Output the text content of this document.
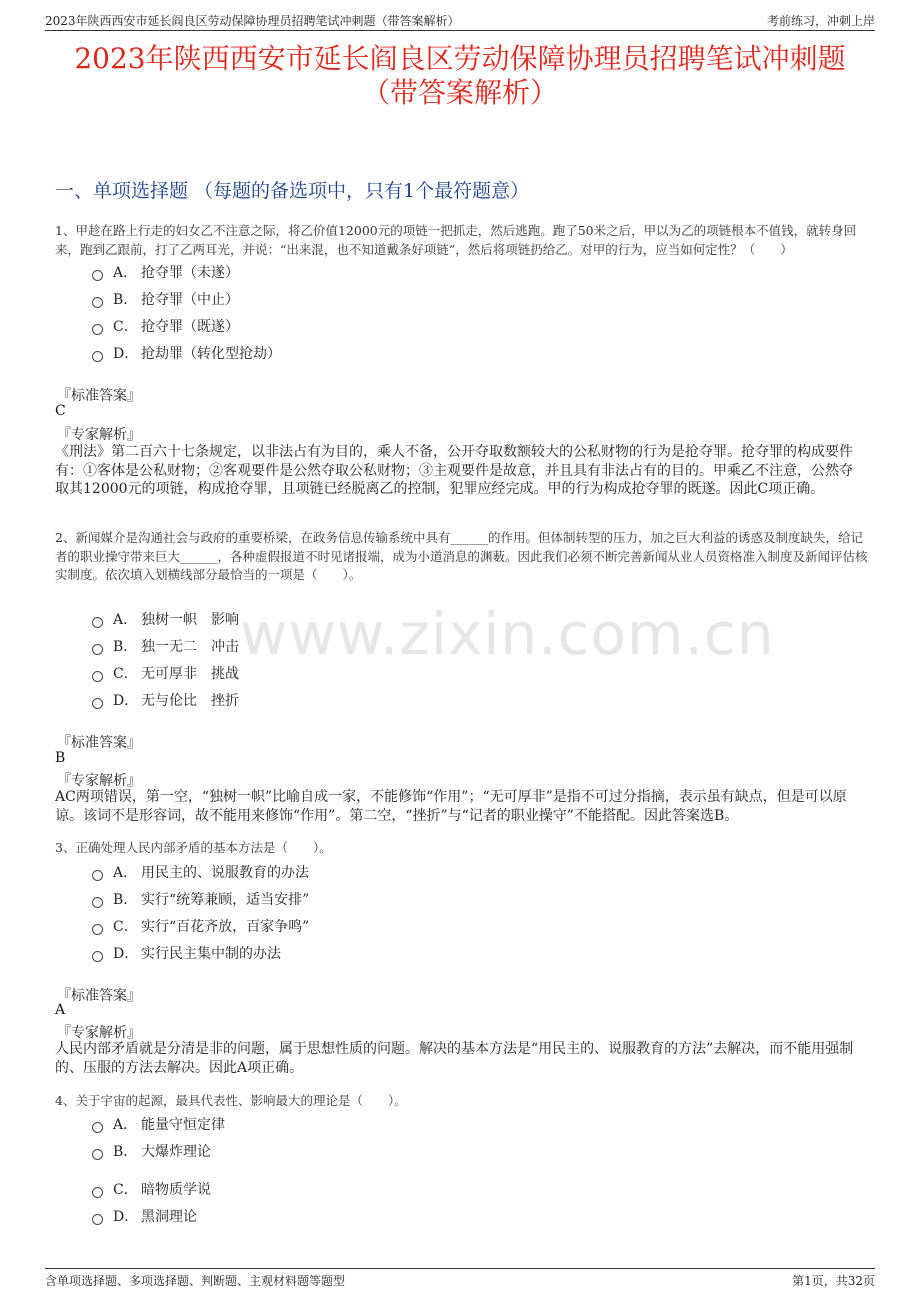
2023年陕西西安市延长阎良区劳动保障协理员招聘笔试冲刺题（带答案解析）	考前练习，冲刺上岸
2023年陕西西安市延长阎良区劳动保障协理员招聘笔试冲刺题
（带答案解析）
www.zixin.com.cn
一、单项选择题 （每题的备选项中，只有1个最符题意）
1、甲趁在路上行走的妇女乙不注意之际，将乙价值12000元的项链一把抓走，然后逃跑。跑了50米之后，甲以为乙的项链根本不值钱，就转身回来，跑到乙跟前，打了乙两耳光，并说：“出来混，也不知道戴条好项链”，然后将项链扔给乙。对甲的行为，应当如何定性？（　　）
A． 抢夺罪（未遂）
B． 抢夺罪（中止）
C． 抢夺罪（既遂）
D． 抢劫罪（转化型抢劫）
『标准答案』
C
『专家解析』
《刑法》第二百六十七条规定，以非法占有为目的，乘人不备，公开夺取数额较大的公私财物的行为是抢夺罪。抢夺罪的构成要件有：①客体是公私财物；②客观要件是公然夺取公私财物；③主观要件是故意，并且具有非法占有的目的。甲乘乙不注意，公然夺取其12000元的项链，构成抢夺罪，且项链已经脱离乙的控制，犯罪应经完成。甲的行为构成抢夺罪的既遂。因此C项正确。
2、新闻媒介是沟通社会与政府的重要桥梁，在政务信息传输系统中具有______的作用。但体制转型的压力，加之巨大利益的诱惑及制度缺失，给记者的职业操守带来巨大______，各种虚假报道不时见诸报端，成为小道消息的渊薮。因此我们必须不断完善新闻从业人员资格准入制度及新闻评估核实制度。依次填入划横线部分最恰当的一项是（　　）。
A． 独树一帜　影响
B． 独一无二　冲击
C． 无可厚非　挑战
D． 无与伦比　挫折
『标准答案』
B
『专家解析』
AC两项错误，第一空，“独树一帜”比喻自成一家，不能修饰“作用”；“无可厚非”是指不可过分指摘，表示虽有缺点，但是可以原谅。该词不是形容词，故不能用来修饰“作用”。第二空，“挫折”与“记者的职业操守”不能搭配。因此答案选B。
3、正确处理人民内部矛盾的基本方法是（　　）。
A． 用民主的、说服教育的办法
B． 实行“统筹兼顾，适当安排”
C． 实行“百花齐放，百家争鸣”
D． 实行民主集中制的办法
『标准答案』
A
『专家解析』
人民内部矛盾就是分清是非的问题，属于思想性质的问题。解决的基本方法是“用民主的、说服教育的方法”去解决，而不能用强制的、压服的方法去解决。因此A项正确。
4、关于宇宙的起源，最具代表性、影响最大的理论是（　　）。
A． 能量守恒定律
B． 大爆炸理论
C． 暗物质学说
D． 黑洞理论
含单项选择题、多项选择题、判断题、主观材料题等题型	第1页，共32页
